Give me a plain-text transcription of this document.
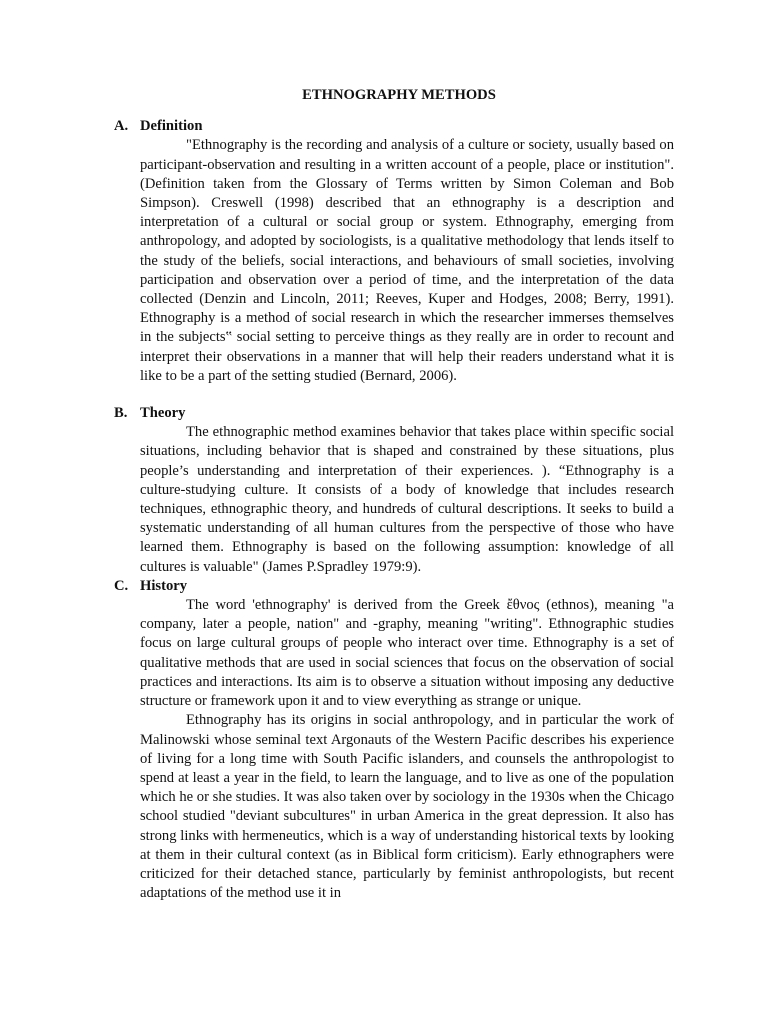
ETHNOGRAPHY METHODS
A. Definition

"Ethnography is the recording and analysis of a culture or society, usually based on participant-observation and resulting in a written account of a people, place or institution".(Definition taken from the Glossary of Terms written by Simon Coleman and Bob Simpson). Creswell (1998) described that an ethnography is a description and interpretation of a cultural or social group or system. Ethnography, emerging from anthropology, and adopted by sociologists, is a qualitative methodology that lends itself to the study of the beliefs, social interactions, and behaviours of small societies, involving participation and observation over a period of time, and the interpretation of the data collected (Denzin and Lincoln, 2011; Reeves, Kuper and Hodges, 2008; Berry, 1991). Ethnography is a method of social research in which the researcher immerses themselves in the subjects‟ social setting to perceive things as they really are in order to recount and interpret their observations in a manner that will help their readers understand what it is like to be a part of the setting studied (Bernard, 2006).

B. Theory

The ethnographic method examines behavior that takes place within specific social situations, including behavior that is shaped and constrained by these situations, plus people’s understanding and interpretation of their experiences. ). “Ethnography is a culture-studying culture. It consists of a body of knowledge that includes research techniques, ethnographic theory, and hundreds of cultural descriptions. It seeks to build a systematic understanding of all human cultures from the perspective of those who have learned them. Ethnography is based on the following assumption: knowledge of all cultures is valuable" (James P.Spradley 1979:9).

C. History

The word 'ethnography' is derived from the Greek ἔθνος (ethnos), meaning "a company, later a people, nation" and -graphy, meaning "writing". Ethnographic studies focus on large cultural groups of people who interact over time. Ethnography is a set of qualitative methods that are used in social sciences that focus on the observation of social practices and interactions. Its aim is to observe a situation without imposing any deductive structure or framework upon it and to view everything as strange or unique.

Ethnography has its origins in social anthropology, and in particular the work of Malinowski whose seminal text Argonauts of the Western Pacific describes his experience of living for a long time with South Pacific islanders, and counsels the anthropologist to spend at least a year in the field, to learn the language, and to live as one of the population which he or she studies. It was also taken over by sociology in the 1930s when the Chicago school studied "deviant subcultures" in urban America in the great depression. It also has strong links with hermeneutics, which is a way of understanding historical texts by looking at them in their cultural context (as in Biblical form criticism). Early ethnographers were criticized for their detached stance, particularly by feminist anthropologists, but recent adaptations of the method use it in
